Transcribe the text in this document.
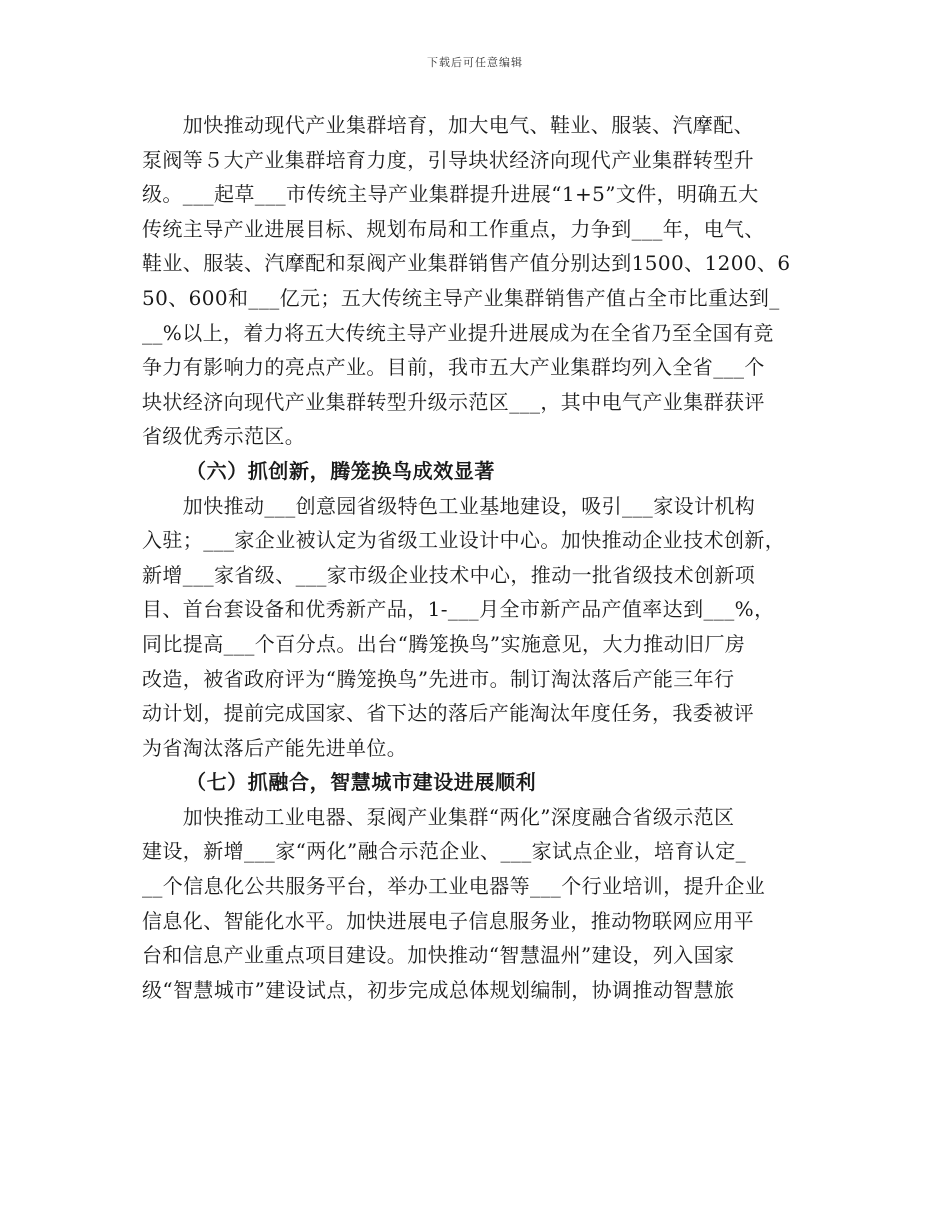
下载后可任意编辑
　　加快推动现代产业集群培育，加大电气、鞋业、服装、汽摩配、
泵阀等５大产业集群培育力度，引导块状经济向现代产业集群转型升
级。___起草___市传统主导产业集群提升进展“1+5”文件，明确五大
传统主导产业进展目标、规划布局和工作重点，力争到___年，电气、
鞋业、服装、汽摩配和泵阀产业集群销售产值分别达到1500、1200、6
50、600和___亿元；五大传统主导产业集群销售产值占全市比重达到_
__%以上，着力将五大传统主导产业提升进展成为在全省乃至全国有竞
争力有影响力的亮点产业。目前，我市五大产业集群均列入全省___个
块状经济向现代产业集群转型升级示范区___，其中电气产业集群获评
省级优秀示范区。
（六）抓创新，腾笼换鸟成效显著
　　加快推动___创意园省级特色工业基地建设，吸引___家设计机构
入驻；___家企业被认定为省级工业设计中心。加快推动企业技术创新，
新增___家省级、___家市级企业技术中心，推动一批省级技术创新项
目、首台套设备和优秀新产品，1-___月全市新产品产值率达到___%，
同比提高___个百分点。出台“腾笼换鸟”实施意见，大力推动旧厂房
改造，被省政府评为“腾笼换鸟”先进市。制订淘汰落后产能三年行
动计划，提前完成国家、省下达的落后产能淘汰年度任务，我委被评
为省淘汰落后产能先进单位。
（七）抓融合，智慧城市建设进展顺利
　　加快推动工业电器、泵阀产业集群“两化”深度融合省级示范区
建设，新增___家“两化”融合示范企业、___家试点企业，培育认定_
__个信息化公共服务平台，举办工业电器等___个行业培训，提升企业
信息化、智能化水平。加快进展电子信息服务业，推动物联网应用平
台和信息产业重点项目建设。加快推动“智慧温州”建设，列入国家
级“智慧城市”建设试点，初步完成总体规划编制，协调推动智慧旅
